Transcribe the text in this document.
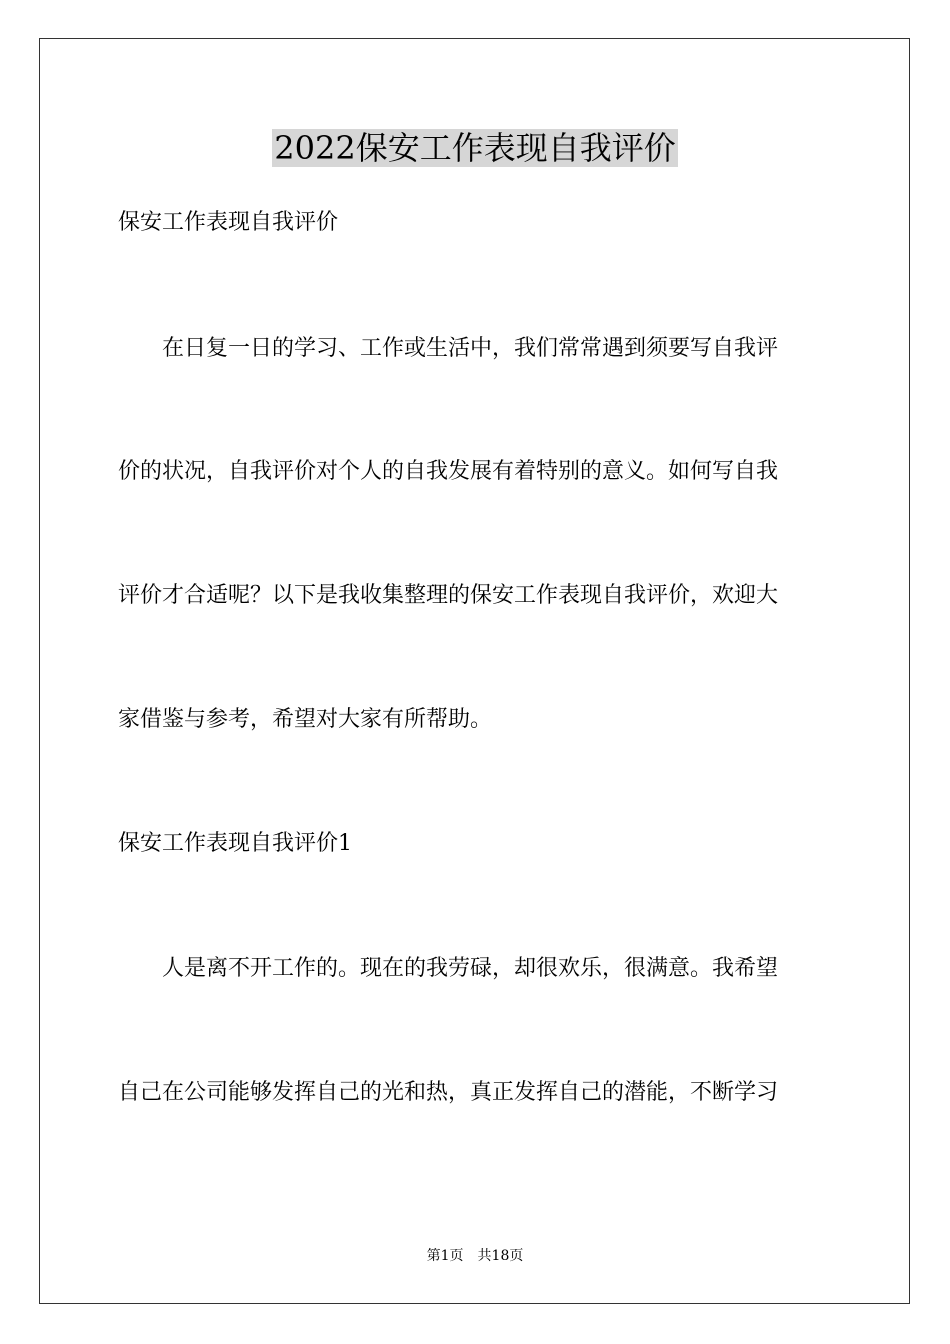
2022保安工作表现自我评价

保安工作表现自我评价

　　在日复一日的学习、工作或生活中，我们常常遇到须要写自我评

价的状况，自我评价对个人的自我发展有着特别的意义。如何写自我

评价才合适呢？以下是我收集整理的保安工作表现自我评价，欢迎大

家借鉴与参考，希望对大家有所帮助。

保安工作表现自我评价1

　　人是离不开工作的。现在的我劳碌，却很欢乐，很满意。我希望

自己在公司能够发挥自己的光和热，真正发挥自己的潜能，不断学习

第1页 共18页
